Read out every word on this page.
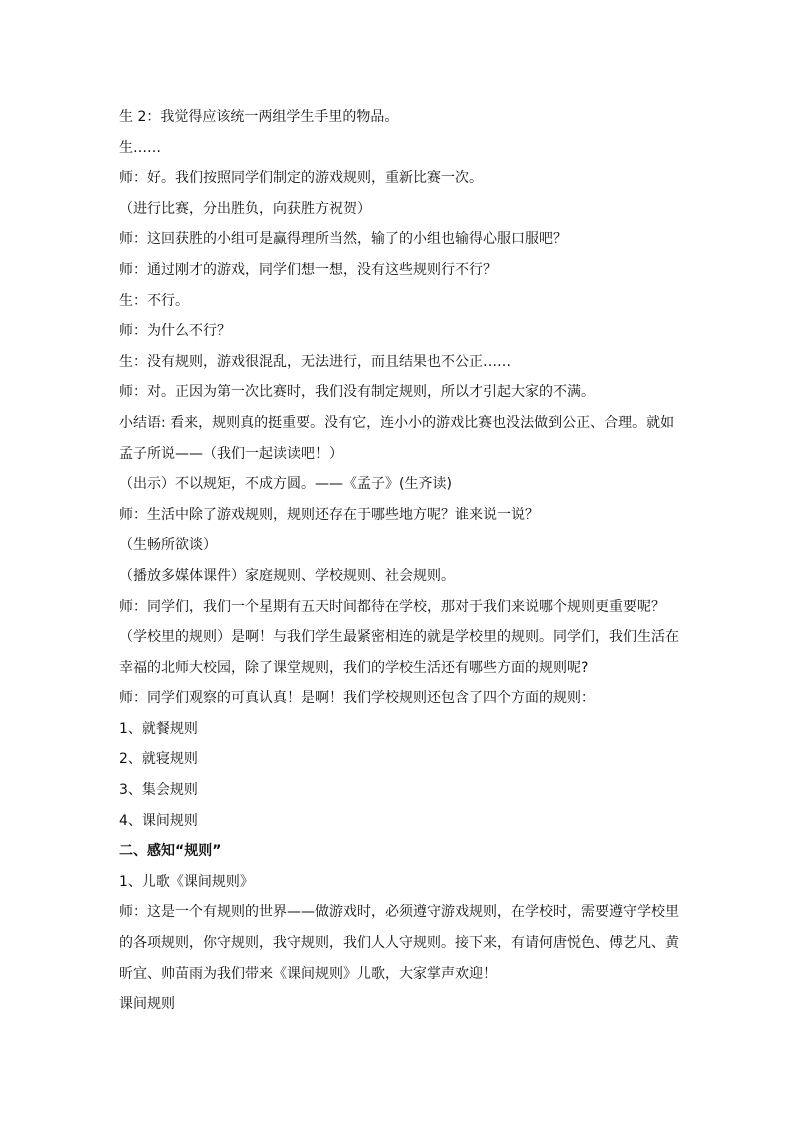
生 2：我觉得应该统一两组学生手里的物品。
生……
师：好。我们按照同学们制定的游戏规则，重新比赛一次。
（进行比赛，分出胜负，向获胜方祝贺）
师：这回获胜的小组可是赢得理所当然，输了的小组也输得心服口服吧？
师：通过刚才的游戏，同学们想一想，没有这些规则行不行？
生：不行。
师：为什么不行？
生：没有规则，游戏很混乱，无法进行，而且结果也不公正……
师：对。正因为第一次比赛时，我们没有制定规则，所以才引起大家的不满。
小结语: 看来，规则真的挺重要。没有它，连小小的游戏比赛也没法做到公正、合理。就如
孟子所说——（我们一起读读吧！）
（出示）不以规矩，不成方圆。——《孟子》(生齐读)
师：生活中除了游戏规则，规则还存在于哪些地方呢？谁来说一说？
（生畅所欲谈）
（播放多媒体课件）家庭规则、学校规则、社会规则。
师：同学们，我们一个星期有五天时间都待在学校，那对于我们来说哪个规则更重要呢？
（学校里的规则）是啊！与我们学生最紧密相连的就是学校里的规则。同学们，我们生活在
幸福的北师大校园，除了课堂规则，我们的学校生活还有哪些方面的规则呢?
师：同学们观察的可真认真！是啊！我们学校规则还包含了四个方面的规则：
1、就餐规则
2、就寝规则
3、集会规则
4、课间规则
二、感知“规则”
1、儿歌《课间规则》
师：这是一个有规则的世界——做游戏时，必须遵守游戏规则，在学校时，需要遵守学校里
的各项规则，你守规则，我守规则，我们人人守规则。接下来，有请何唐悦色、傅艺凡、黄
昕宜、帅苗雨为我们带来《课间规则》儿歌，大家掌声欢迎！
课间规则
